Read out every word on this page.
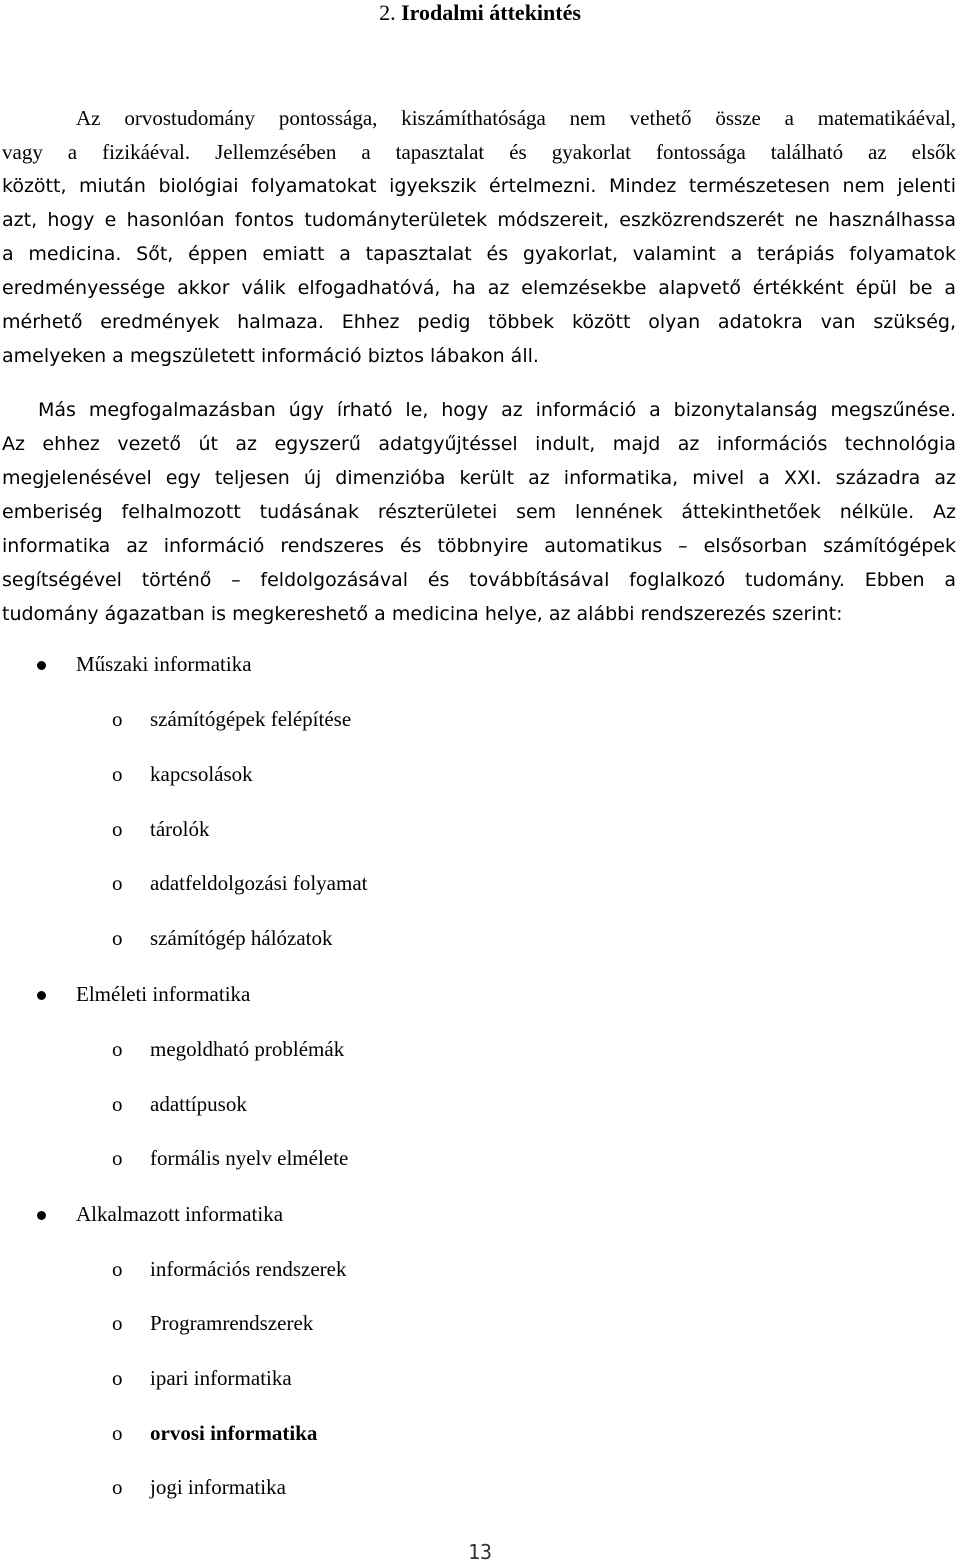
2. Irodalmi áttekintés
Az orvostudomány pontossága, kiszámíthatósága nem vethető össze a matematikáéval,
vagy a fizikáéval. Jellemzésében a tapasztalat és gyakorlat fontossága található az elsők
között, miután biológiai folyamatokat igyekszik értelmezni. Mindez természetesen nem jelenti
azt, hogy e hasonlóan fontos tudományterületek módszereit, eszközrendszerét ne használhassa
a medicina. Sőt, éppen emiatt a tapasztalat és gyakorlat, valamint a terápiás folyamatok
eredményessége akkor válik elfogadhatóvá, ha az elemzésekbe alapvető értékként épül be a
mérhető eredmények halmaza. Ehhez pedig többek között olyan adatokra van szükség,
amelyeken a megszületett információ biztos lábakon áll.
Más megfogalmazásban úgy írható le, hogy az információ a bizonytalanság megszűnése.
Az ehhez vezető út az egyszerű adatgyűjtéssel indult, majd az információs technológia
megjelenésével egy teljesen új dimenzióba került az informatika, mivel a XXI. századra az
emberiség felhalmozott tudásának részterületei sem lennének áttekinthetőek nélküle. Az
informatika az információ rendszeres és többnyire automatikus – elsősorban számítógépek
segítségével történő – feldolgozásával és továbbításával foglalkozó tudomány. Ebben a
tudomány ágazatban is megkereshető a medicina helye, az alábbi rendszerezés szerint:
Műszaki informatika
o számítógépek felépítése
o kapcsolások
o tárolók
o adatfeldolgozási folyamat
o számítógép hálózatok
Elméleti informatika
o megoldható problémák
o adattípusok
o formális nyelv elmélete
Alkalmazott informatika
o információs rendszerek
o Programrendszerek
o ipari informatika
o orvosi informatika
o jogi informatika
13
